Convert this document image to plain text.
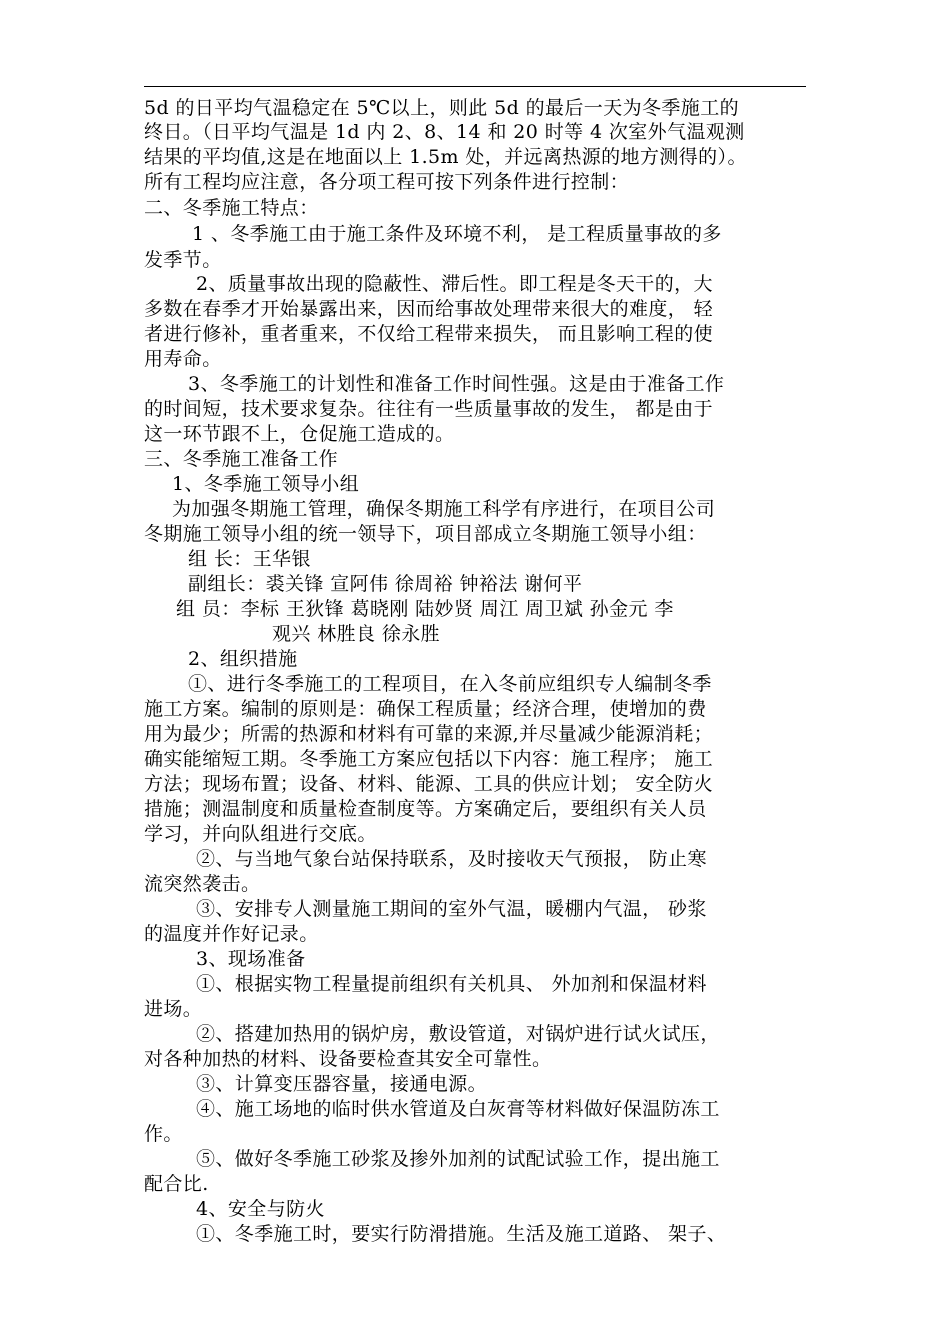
5d 的日平均气温稳定在 5℃以上，则此 5d 的最后一天为冬季施工的
终日。（日平均气温是 1d 内 2、8、14 和 20 时等 4 次室外气温观测
结果的平均值,这是在地面以上 1.5m 处，并远离热源的地方测得的）。
所有工程均应注意，各分项工程可按下列条件进行控制：
二、冬季施工特点：
1 、冬季施工由于施工条件及环境不利， 是工程质量事故的多
发季节。
2、质量事故出现的隐蔽性、滞后性。即工程是冬天干的，大
多数在春季才开始暴露出来，因而给事故处理带来很大的难度， 轻
者进行修补，重者重来，不仅给工程带来损失， 而且影响工程的使
用寿命。
3、冬季施工的计划性和准备工作时间性强。这是由于准备工作
的时间短，技术要求复杂。往往有一些质量事故的发生， 都是由于
这一环节跟不上，仓促施工造成的。
三、冬季施工准备工作
1、冬季施工领导小组
为加强冬期施工管理，确保冬期施工科学有序进行，在项目公司
冬期施工领导小组的统一领导下，项目部成立冬期施工领导小组：
组 长：王华银
副组长：裘关锋 宣阿伟 徐周裕 钟裕法 谢何平
组 员：李标 王狄锋 葛晓刚 陆妙贤 周江 周卫斌 孙金元 李
观兴 林胜良 徐永胜
2、组织措施
①、进行冬季施工的工程项目，在入冬前应组织专人编制冬季
施工方案。编制的原则是：确保工程质量；经济合理，使增加的费
用为最少；所需的热源和材料有可靠的来源,并尽量减少能源消耗；
确实能缩短工期。冬季施工方案应包括以下内容：施工程序； 施工
方法；现场布置；设备、材料、能源、工具的供应计划； 安全防火
措施；测温制度和质量检查制度等。方案确定后，要组织有关人员
学习，并向队组进行交底。
②、与当地气象台站保持联系，及时接收天气预报， 防止寒
流突然袭击。
③、安排专人测量施工期间的室外气温，暖棚内气温， 砂浆
的温度并作好记录。
3、现场准备
①、根据实物工程量提前组织有关机具、 外加剂和保温材料
进场。
②、搭建加热用的锅炉房，敷设管道，对锅炉进行试火试压，
对各种加热的材料、设备要检查其安全可靠性。
③、计算变压器容量，接通电源。
④、施工场地的临时供水管道及白灰膏等材料做好保温防冻工
作。
⑤、做好冬季施工砂浆及掺外加剂的试配试验工作，提出施工
配合比.
4、安全与防火
①、冬季施工时，要实行防滑措施。生活及施工道路、 架子、
